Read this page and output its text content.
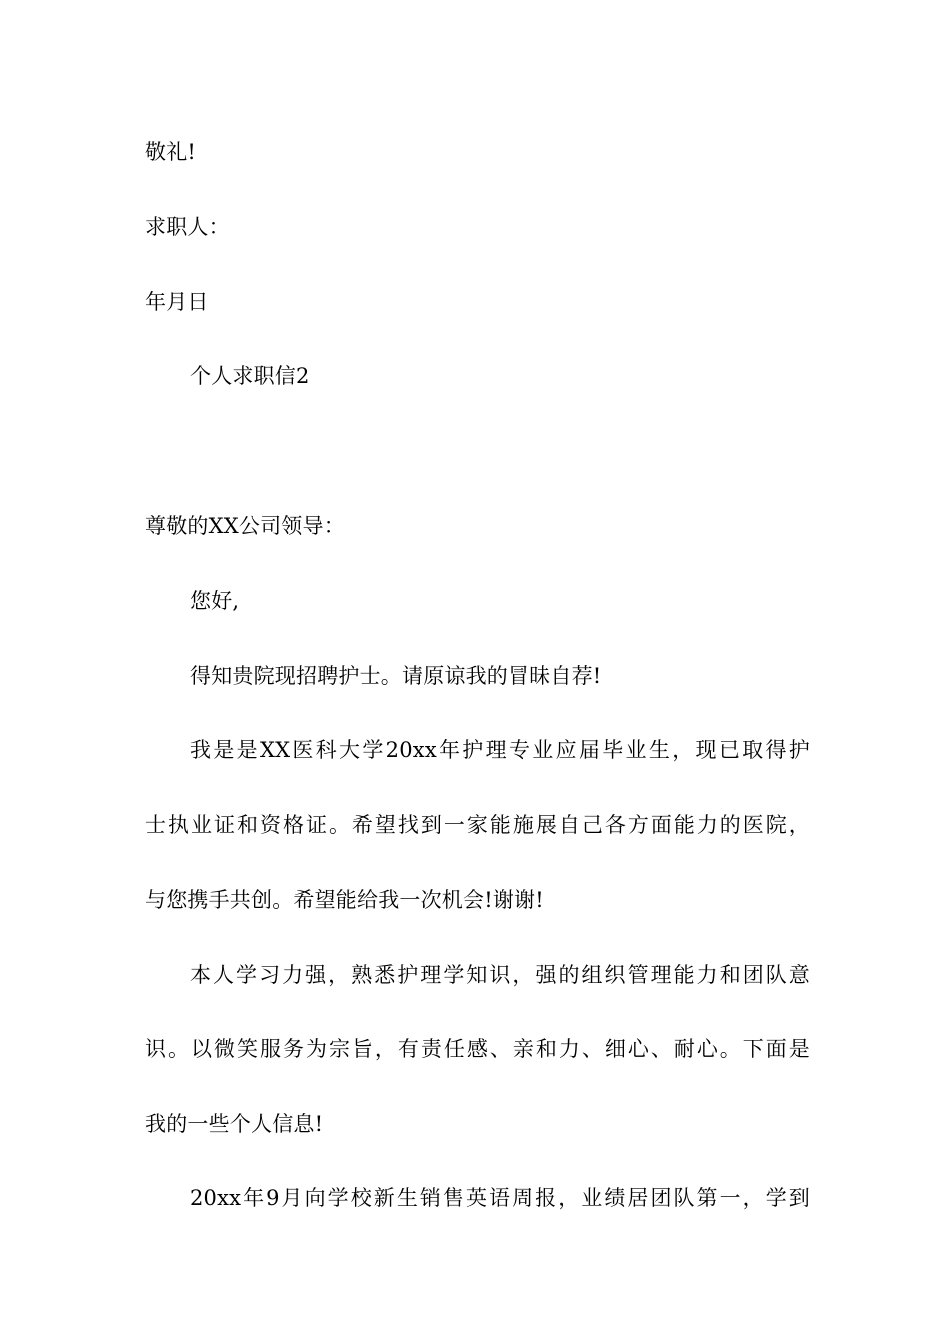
敬礼!
求职人：
年月日
个人求职信2
尊敬的XX公司领导：
您好,
得知贵院现招聘护士。请原谅我的冒昧自荐!
我是是XX医科大学20xx年护理专业应届毕业生，现已取得护
士执业证和资格证。希望找到一家能施展自己各方面能力的医院，
与您携手共创。希望能给我一次机会!谢谢!
本人学习力强，熟悉护理学知识，强的组织管理能力和团队意
识。以微笑服务为宗旨，有责任感、亲和力、细心、耐心。下面是
我的一些个人信息!
20xx年9月向学校新生销售英语周报，业绩居团队第一，学到
